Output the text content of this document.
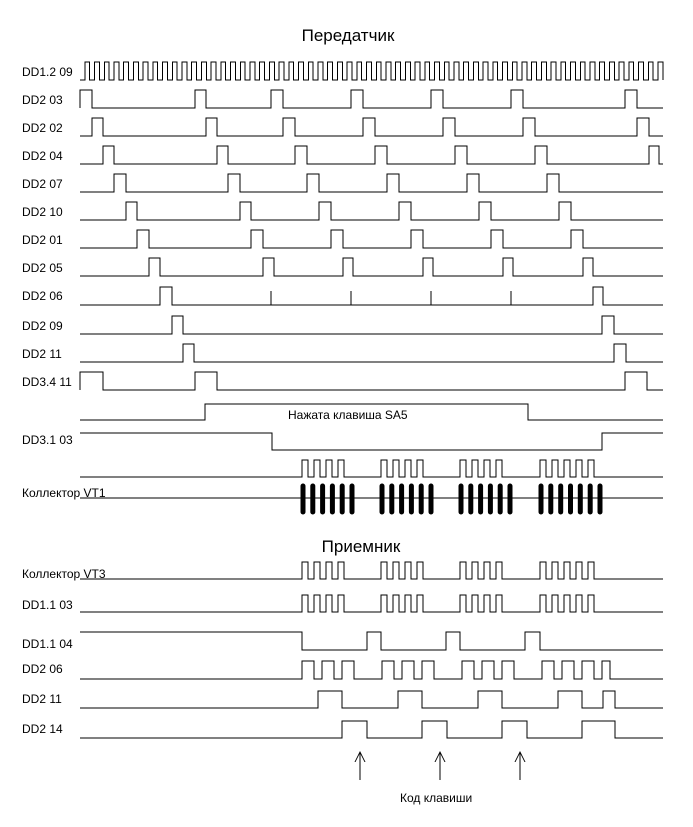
Передатчик
Приемник
DD1.2 09
DD2 03
DD2 02
DD2 04
DD2 07
DD2 10
DD2 01
DD2 05
DD2 06
DD2 09
DD2 11
DD3.4 11
DD3.1 03
Коллектор VT1
Коллектор VT3
DD1.1 03
DD1.1 04
DD2 06
DD2 11
DD2 14
Нажата клавиша SA5
Код клавиши
